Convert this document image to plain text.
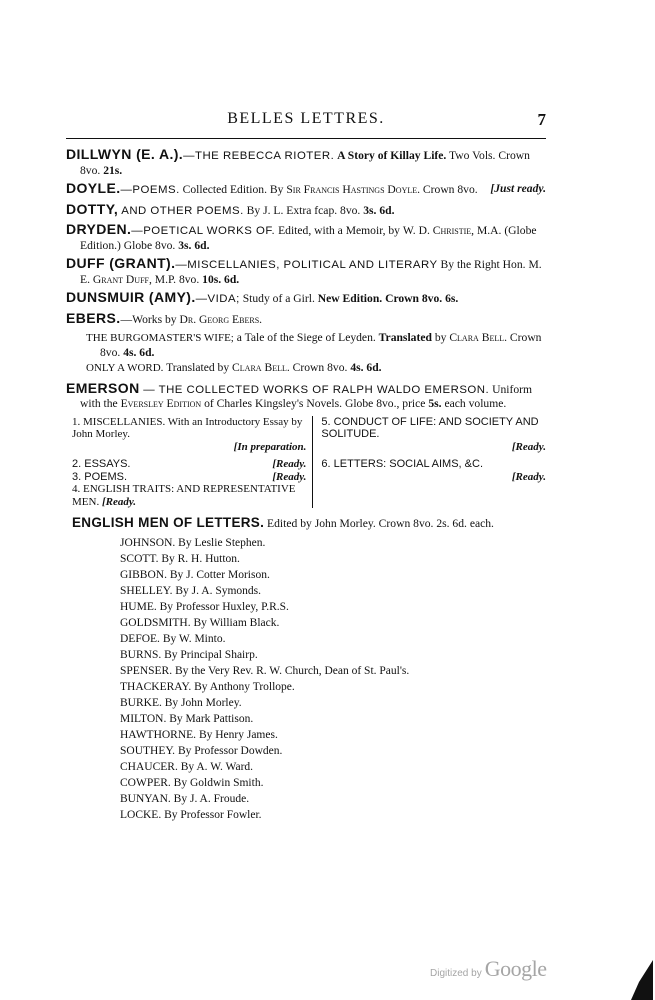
BELLES LETTRES.	7
DILLWYN (E. A.).—THE REBECCA RIOTER. A Story of Killay Life. Two Vols. Crown 8vo. 21s.
DOYLE.—POEMS. Collected Edition. By Sir Francis Hastings Doyle. Crown 8vo. [Just ready.
DOTTY, AND OTHER POEMS. By J. L. Extra fcap. 8vo. 3s. 6d.
DRYDEN.—POETICAL WORKS OF. Edited, with a Memoir, by W. D. Christie, M.A. (Globe Edition.) Globe 8vo. 3s. 6d.
DUFF (GRANT).—MISCELLANIES, POLITICAL AND LITERARY By the Right Hon. M. E. Grant Duff, M.P. 8vo. 10s. 6d.
DUNSMUIR (AMY).—VIDA; Study of a Girl. New Edition. Crown 8vo. 6s.
EBERS.—Works by Dr. Georg Ebers.
THE BURGOMASTER'S WIFE; a Tale of the Siege of Leyden. Translated by Clara Bell. Crown 8vo. 4s. 6d.
ONLY A WORD. Translated by Clara Bell. Crown 8vo. 4s. 6d.
EMERSON — THE COLLECTED WORKS OF RALPH WALDO EMERSON. Uniform with the Eversley Edition of Charles Kingsley's Novels. Globe 8vo., price 5s. each volume.
1. MISCELLANIES. With an Introductory Essay by John Morley.
[In preparation.
2. ESSAYS.	[Ready.
3. POEMS.	[Ready.
4. ENGLISH TRAITS: AND REPRESENTATIVE MEN. [Ready.
5. CONDUCT OF LIFE: AND SOCIETY AND SOLITUDE.
[Ready.
6. LETTERS: SOCIAL AIMS, &C.
[Ready.
ENGLISH MEN OF LETTERS. Edited by John Morley. Crown 8vo. 2s. 6d. each.
JOHNSON. By Leslie Stephen.
SCOTT. By R. H. Hutton.
GIBBON. By J. Cotter Morison.
SHELLEY. By J. A. Symonds.
HUME. By Professor Huxley, P.R.S.
GOLDSMITH. By William Black.
DEFOE. By W. Minto.
BURNS. By Principal Shairp.
SPENSER. By the Very Rev. R. W. Church, Dean of St. Paul's.
THACKERAY. By Anthony Trollope.
BURKE. By John Morley.
MILTON. By Mark Pattison.
HAWTHORNE. By Henry James.
SOUTHEY. By Professor Dowden.
CHAUCER. By A. W. Ward.
COWPER. By Goldwin Smith.
BUNYAN. By J. A. Froude.
LOCKE. By Professor Fowler.
Digitized by Google
